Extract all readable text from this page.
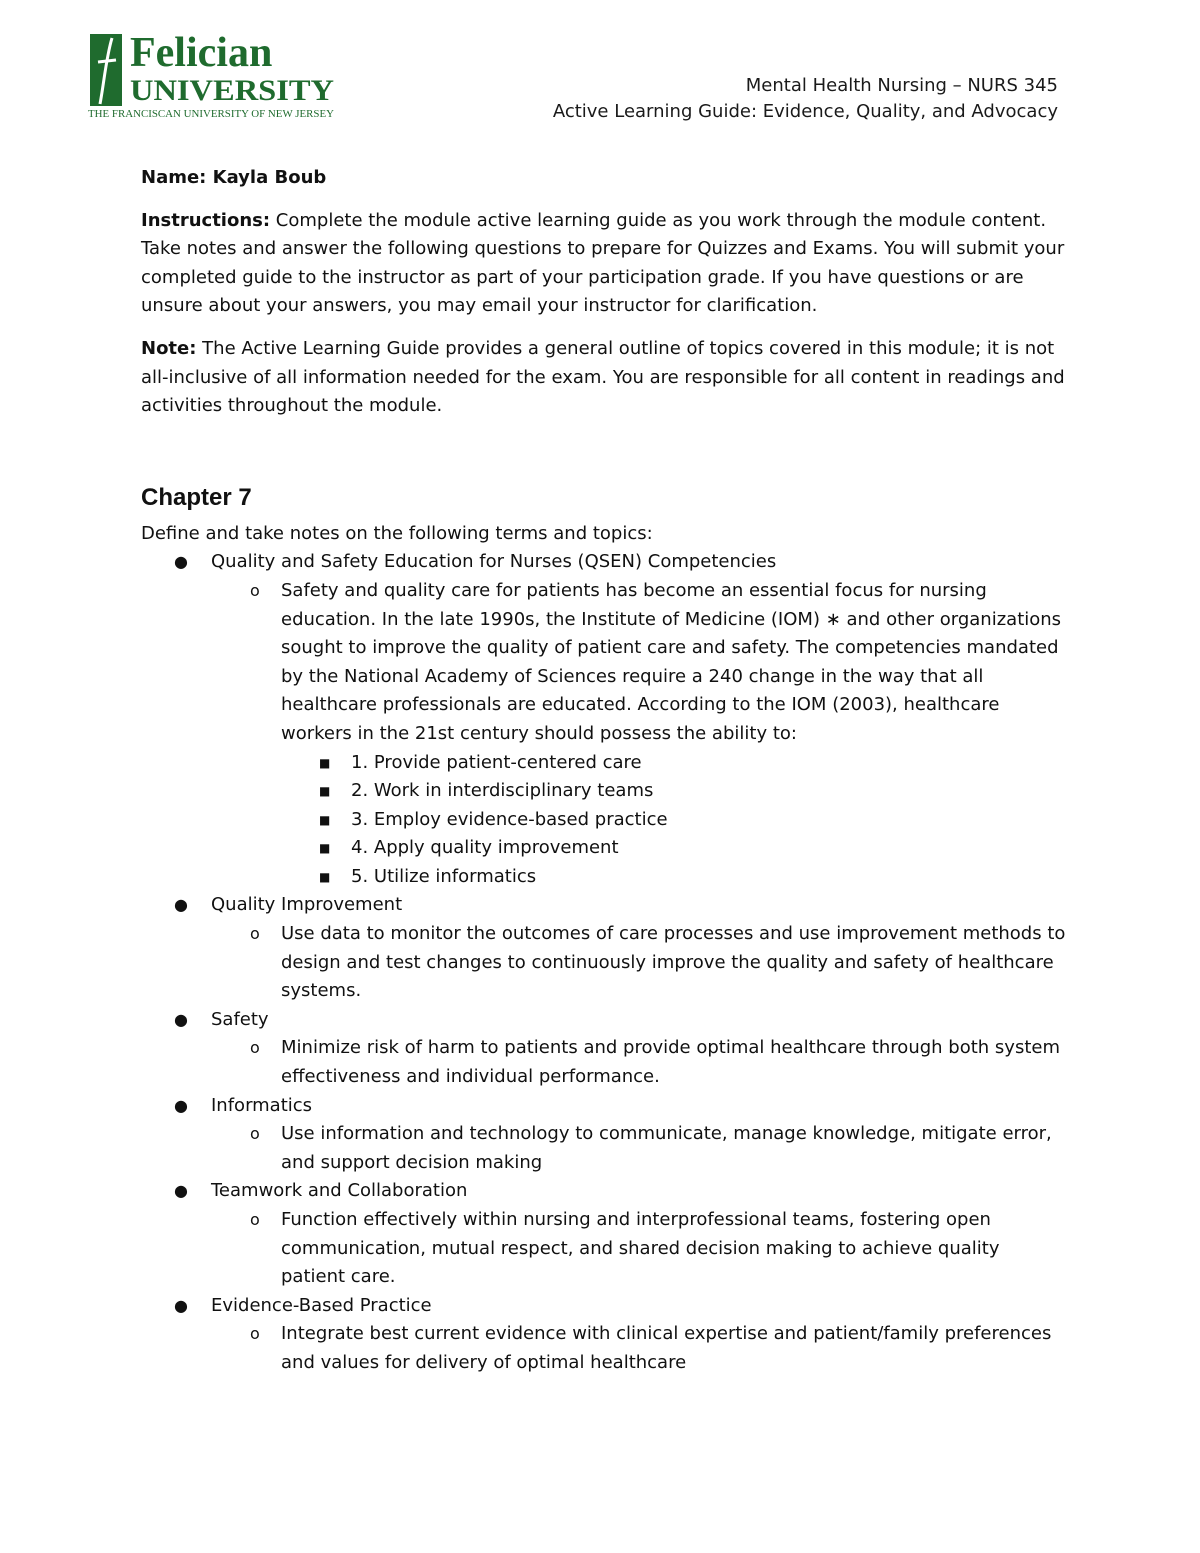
Felician
UNIVERSITY
THE FRANCISCAN UNIVERSITY OF NEW JERSEY
Mental Health Nursing – NURS 345
Active Learning Guide: Evidence, Quality, and Advocacy

Name: Kayla Boub

Instructions: Complete the module active learning guide as you work through the module content. Take notes and answer the following questions to prepare for Quizzes and Exams. You will submit your completed guide to the instructor as part of your participation grade. If you have questions or are unsure about your answers, you may email your instructor for clarification.

Note: The Active Learning Guide provides a general outline of topics covered in this module; it is not all-inclusive of all information needed for the exam. You are responsible for all content in readings and activities throughout the module.

Chapter 7

Define and take notes on the following terms and topics:

● Quality and Safety Education for Nurses (QSEN) Competencies
o Safety and quality care for patients has become an essential focus for nursing education. In the late 1990s, the Institute of Medicine (IOM) ∗ and other organizations sought to improve the quality of patient care and safety. The competencies mandated by the National Academy of Sciences require a 240 change in the way that all healthcare professionals are educated. According to the IOM (2003), healthcare workers in the 21st century should possess the ability to:
■ 1. Provide patient-centered care
■ 2. Work in interdisciplinary teams
■ 3. Employ evidence-based practice
■ 4. Apply quality improvement
■ 5. Utilize informatics
● Quality Improvement
o Use data to monitor the outcomes of care processes and use improvement methods to design and test changes to continuously improve the quality and safety of healthcare systems.
● Safety
o Minimize risk of harm to patients and provide optimal healthcare through both system effectiveness and individual performance.
● Informatics
o Use information and technology to communicate, manage knowledge, mitigate error, and support decision making
● Teamwork and Collaboration
o Function effectively within nursing and interprofessional teams, fostering open communication, mutual respect, and shared decision making to achieve quality patient care.
● Evidence-Based Practice
o Integrate best current evidence with clinical expertise and patient/family preferences and values for delivery of optimal healthcare
